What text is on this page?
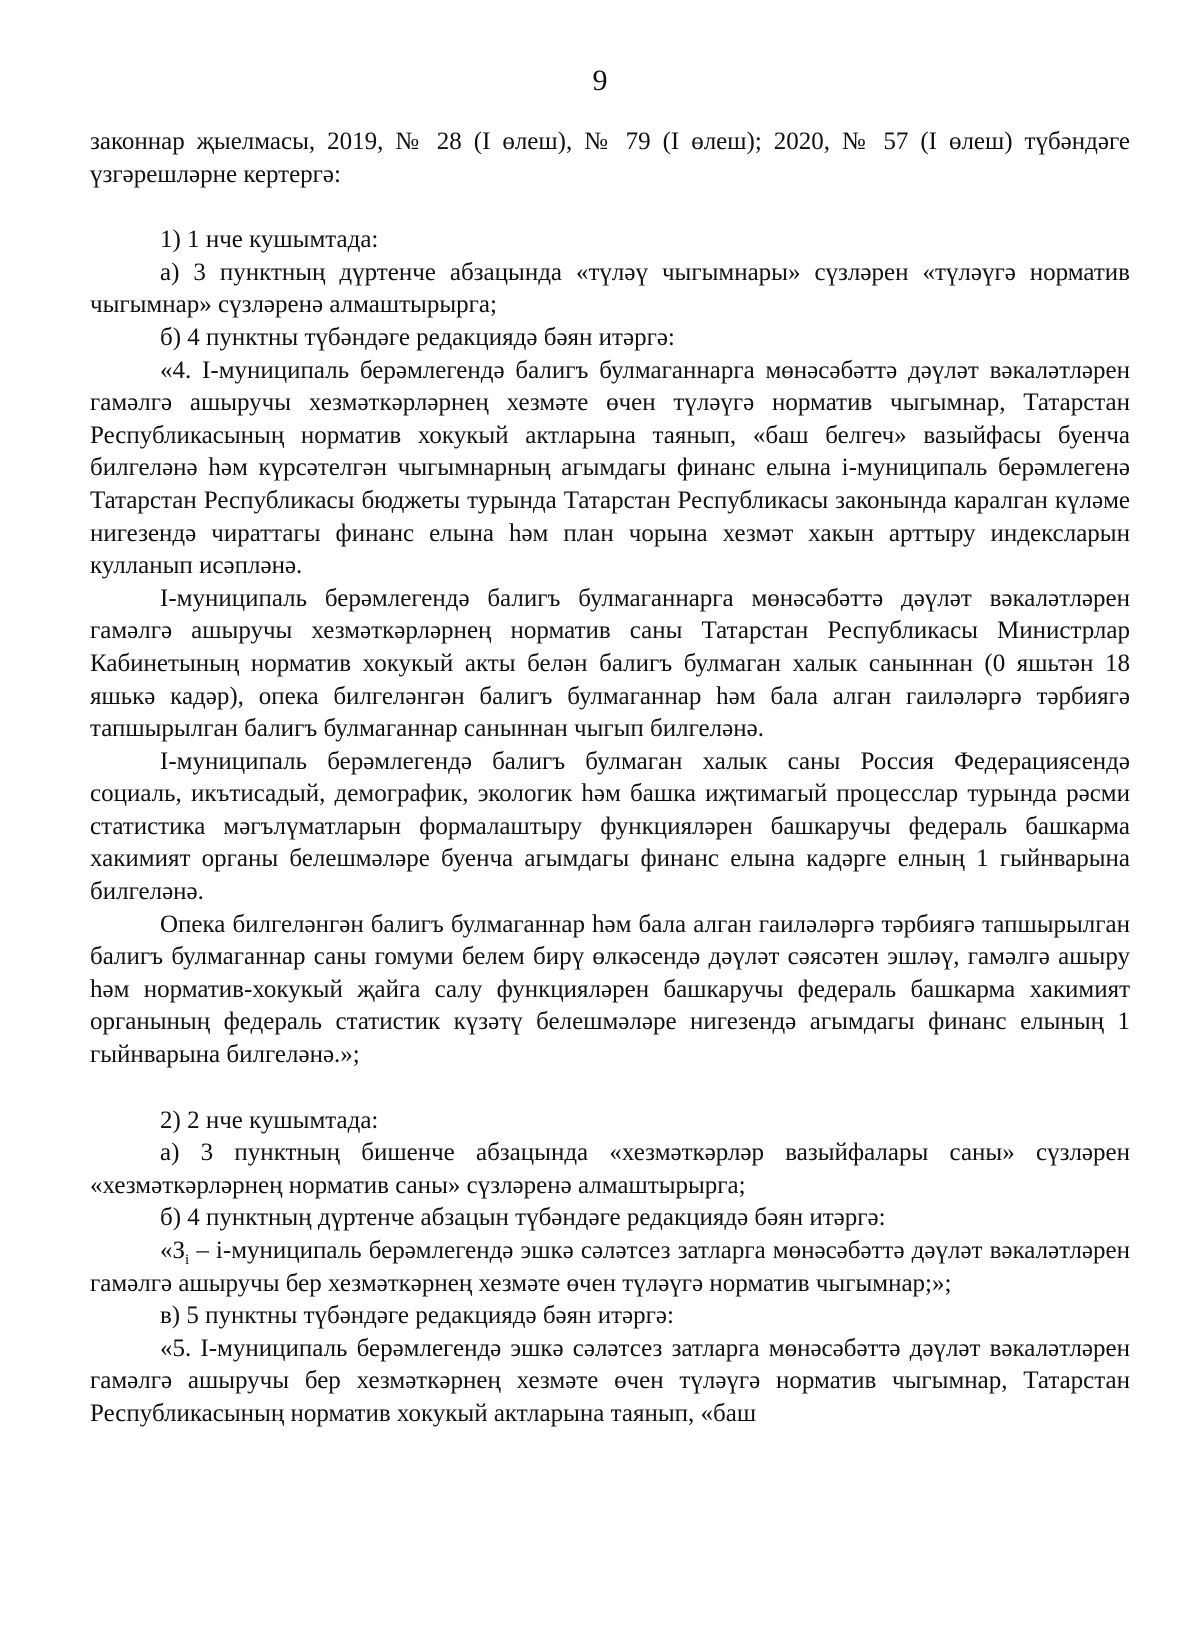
9

законнар җыелмасы, 2019, № 28 (I өлеш), № 79 (I өлеш); 2020, № 57 (I өлеш) түбәндәге үзгәрешләрне кертергә:

1) 1 нче кушымтада:

а) 3 пунктның дүртенче абзацында «түләү чыгымнары» сүзләрен «түләүгә норматив чыгымнар» сүзләренә алмаштырырга;

б) 4 пунктны түбәндәге редакциядә бәян итәргә:

«4. I-муниципаль берәмлегендә балигъ булмаганнарга мөнәсәбәттә дәүләт вәкаләтләрен гамәлгә ашыручы хезмәткәрләрнең хезмәте өчен түләүгә норматив чыгымнар, Татарстан Республикасының норматив хокукый актларына таянып, «баш белгеч» вазыйфасы буенча билгеләнә һәм күрсәтелгән чыгымнарның агымдагы финанс елына i-муниципаль берәмлегенә Татарстан Республикасы бюджеты турында Татарстан Республикасы законында каралган күләме нигезендә чираттагы финанс елына һәм план чорына хезмәт хакын арттыру индексларын кулланып исәпләнә.

I-муниципаль берәмлегендә балигъ булмаганнарга мөнәсәбәттә дәүләт вәкаләтләрен гамәлгә ашыручы хезмәткәрләрнең норматив саны Татарстан Республикасы Министрлар Кабинетының норматив хокукый акты белән балигъ булмаган халык саныннан (0 яшьтән 18 яшькә кадәр), опека билгеләнгән балигъ булмаганнар һәм бала алган гаиләләргә тәрбиягә тапшырылган балигъ булмаганнар саныннан чыгып билгеләнә.

I-муниципаль берәмлегендә балигъ булмаган халык саны Россия Федерациясендә социаль, икътисадый, демографик, экологик һәм башка иҗтимагый процесслар турында рәсми статистика мәгълүматларын формалаштыру функцияләрен башкаручы федераль башкарма хакимият органы белешмәләре буенча агымдагы финанс елына кадәрге елның 1 гыйнварына билгеләнә.

Опека билгеләнгән балигъ булмаганнар һәм бала алган гаиләләргә тәрбиягә тапшырылган балигъ булмаганнар саны гомуми белем бирү өлкәсендә дәүләт сәясәтен эшләү, гамәлгә ашыру һәм норматив-хокукый җайга салу функцияләрен башкаручы федераль башкарма хакимият органының федераль статистик күзәтү белешмәләре нигезендә агымдагы финанс елының 1 гыйнварына билгеләнә.»;

2) 2 нче кушымтада:

а) 3 пунктның бишенче абзацында «хезмәткәрләр вазыйфалары саны» сүзләрен «хезмәткәрләрнең норматив саны» сүзләренә алмаштырырга;

б) 4 пунктның дүртенче абзацын түбәндәге редакциядә бәян итәргә:

«$З_i$ – i-муниципаль берәмлегендә эшкә сәләтсез затларга мөнәсәбәттә дәүләт вәкаләтләрен гамәлгә ашыручы бер хезмәткәрнең хезмәте өчен түләүгә норматив чыгымнар;»;

в) 5 пунктны түбәндәге редакциядә бәян итәргә:

«5. I-муниципаль берәмлегендә эшкә сәләтсез затларга мөнәсәбәттә дәүләт вәкаләтләрен гамәлгә ашыручы бер хезмәткәрнең хезмәте өчен түләүгә норматив чыгымнар, Татарстан Республикасының норматив хокукый актларына таянып, «баш
